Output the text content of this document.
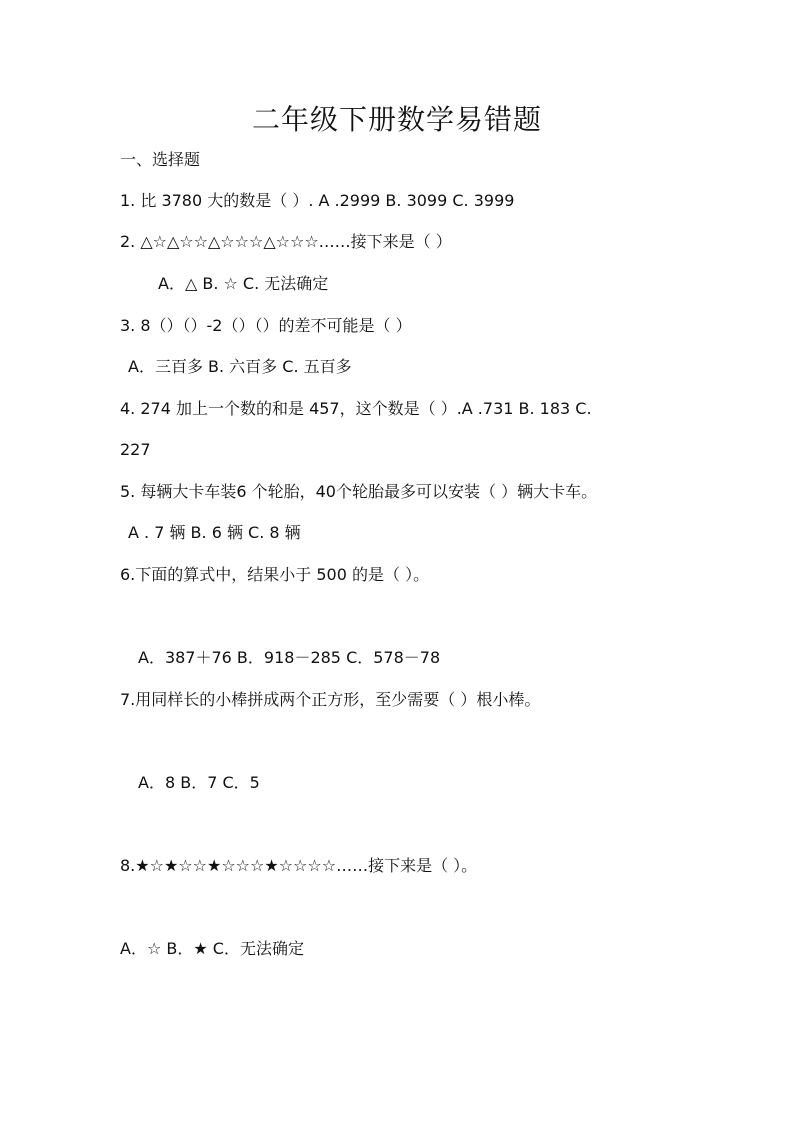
二年级下册数学易错题
一、选择题
1. 比 3780 大的数是（ ）. A .2999 B. 3099 C. 3999
2. △☆△☆☆△☆☆☆△☆☆☆……接下来是（ ）
A．△ B. ☆ C. 无法确定
3. 8（）（）-2（）（）的差不可能是（ ）
A．三百多 B. 六百多 C. 五百多
4. 274 加上一个数的和是 457，这个数是（ ）.A .731 B. 183 C.
227
5. 每辆大卡车装6 个轮胎，40个轮胎最多可以安装（ ）辆大卡车。
A . 7 辆 B. 6 辆 C. 8 辆
6.下面的算式中，结果小于 500 的是（ ）。
A．387＋76 B．918－285 C．578－78
7.用同样长的小棒拼成两个正方形，至少需要（ ）根小棒。
A．8 B．7 C．5
8.★☆★☆☆★☆☆☆★☆☆☆☆……接下来是（ ）。
A．☆ B．★ C．无法确定
